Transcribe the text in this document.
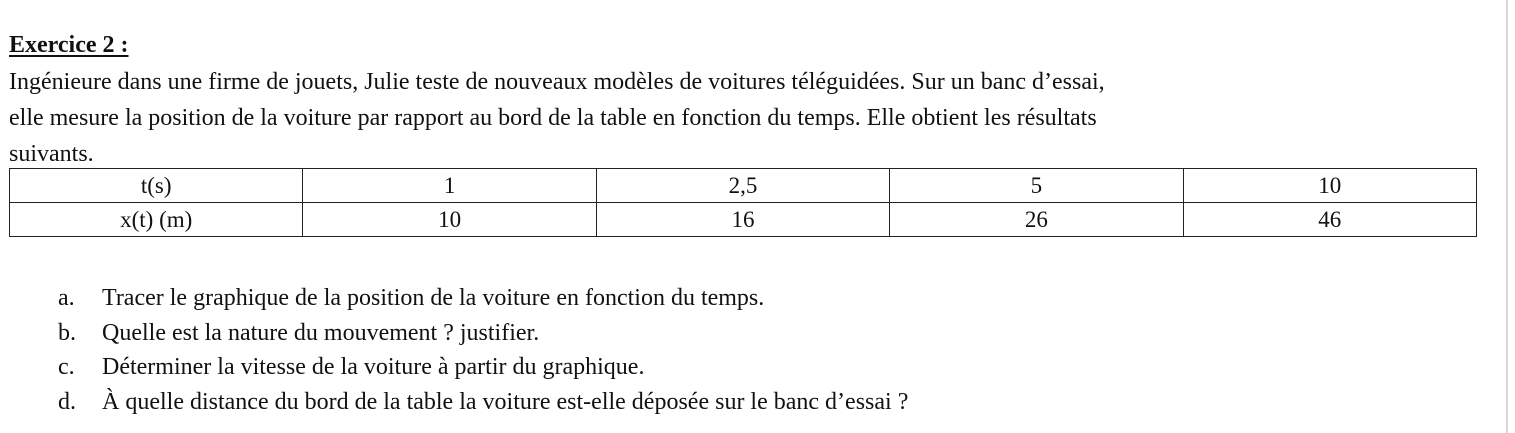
Exercice 2 :
Ingénieure dans une firme de jouets, Julie teste de nouveaux modèles de voitures téléguidées. Sur un banc d’essai,
elle mesure la position de la voiture par rapport au bord de la table en fonction du temps. Elle obtient les résultats
suivants.
t(s)	1	2,5	5	10
x(t) (m)	10	16	26	46
a.	Tracer le graphique de la position de la voiture en fonction du temps.
b.	Quelle est la nature du mouvement ? justifier.
c.	Déterminer la vitesse de la voiture à partir du graphique.
d.	À quelle distance du bord de la table la voiture est-elle déposée sur le banc d’essai ?
